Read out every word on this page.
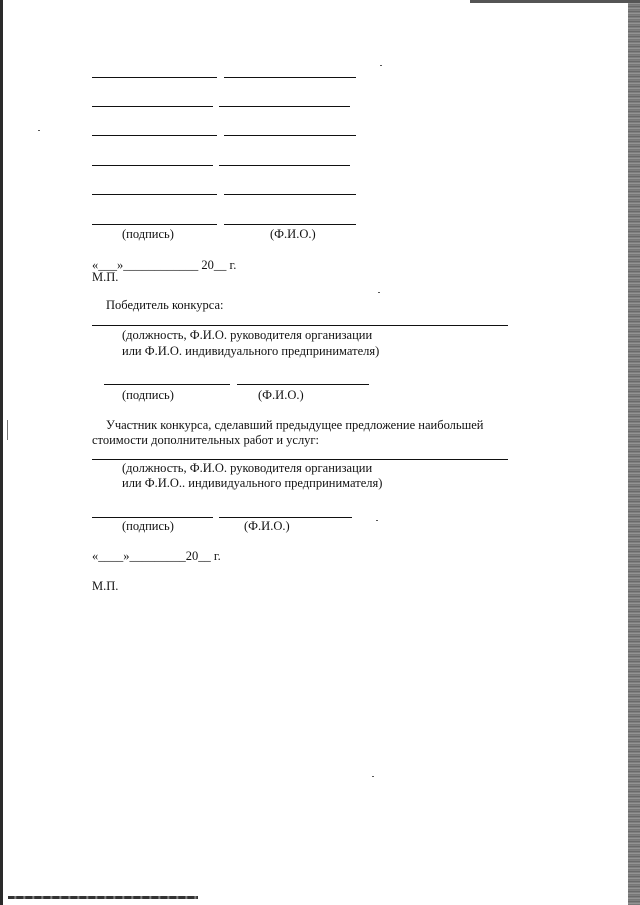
(подпись)	(Ф.И.О.)
«___»____________ 20__ г.
М.П.
Победитель конкурса:
(должность, Ф.И.О. руководителя организации
или Ф.И.О. индивидуального предпринимателя)
(подпись)	(Ф.И.О.)
Участник конкурса, сделавший предыдущее предложение наибольшей
стоимости дополнительных работ и услуг:
(должность, Ф.И.О. руководителя организации
или Ф.И.О.. индивидуального предпринимателя)
(подпись)	(Ф.И.О.)
«____»_________20__ г.
М.П.
